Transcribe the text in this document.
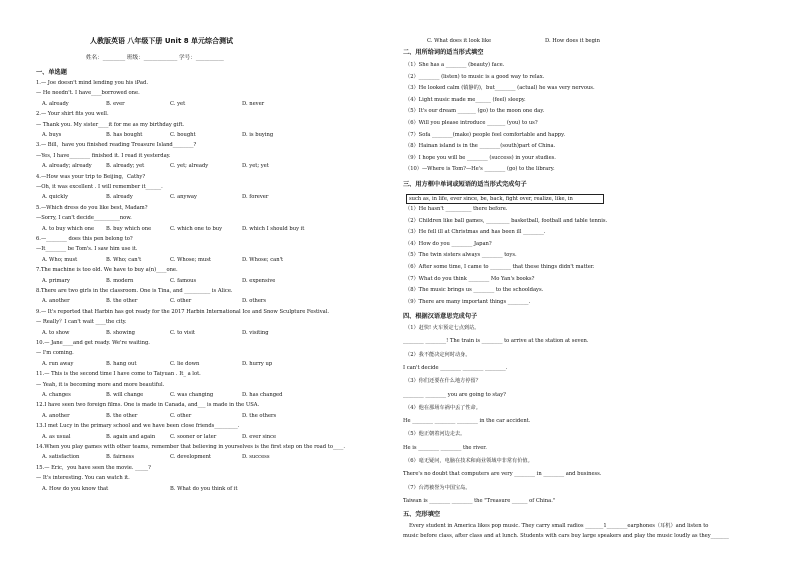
人教版英语 八年级下册 Unit 8 单元综合测试
姓名：________ 班级：____________ 学号：__________
一、单选题
1.— Joe doesn't mind lending you his iPad.
— He needn't. I have____borrowed one.
A. already	B. ever	C. yet	D. never
2.— Your shirt fits you well.
— Thank you. My sister____it for me as my birthday gift.
A. buys	B. has bought	C. bought	D. is buying
3.— Bill，have you finished reading Treasure Island________?
—Yes, I have________ finished it. I read it yesterday.
A. already; already	B. already; yet	C. yet; already	D. yet; yet
4.—How was your trip to Beijing，Cathy?
—Oh, it was excellent . I will remember it______.
A. quickly	B. already	C. anyway	D. forever
5.—Which dress do you like best, Madam?
—Sorry, I can't decide__________now.
A. to buy which one B. buy which one	C. which one to buy	D. which I should buy it
6.—________ does this pen belong to?
—It________ be Tom's. I saw him use it.
A. Who; must	B. Who; can't	C. Whose; must	D. Whose; can't
7.The machine is too old. We have to buy a(n)____one.
A. primary	B. modern	C. famous	D. expensive
8.There are two girls in the classroom. One is Tina, and __________ is Alice.
A. another	B. the other	C. other	D. others
9.— It's reported that Harbin has got ready for the 2017 Harbin International Ice and Snow Sculpture Festival.
— Really？I can't wait ____the city.
A. to show	B. showing	C. to visit	D. visiting
10.— Jane____and get ready. We're waiting.
— I'm coming.
A. run away	B. hang out	C. lie down	D. hurry up
11.— This is the second time I have come to Taiyuan . It_ a lot.
— Yeah, it is becoming more and more beautiful.
A. changes	B. will change	C. was changing	D. has changed
12.I have seen two foreign films. One is made in Canada, and___ is made in the USA.
A. another	B. the other	C. other	D. the others
13.I met Lucy in the primary school and we have been close friends_________.
A. as usual	B. again and again	C. sooner or later	D. ever since
14.When you play games with other teams, remember that believing in yourselves is the first step on the road to____.
A. satisfaction	B. fairness	C. development	D. success
15.— Eric，you have seen the movie. _____?
— It's interesting. You can watch it.
A. How do you know that	B. What do you think of it
C. What does it look like	D. How does it begin
二、用所给词的适当形式填空
（1）She has a ________ (beauty) face.
（2）________ (listen) to music is a good way to relax.
（3）He looked calm (镇静的)，but________ (actual) he was very nervous.
（4）Light music made me______ (feel) sleepy.
（5）It's our dream _______ (go) to the moon one day.
（6）Will you please introduce _______ (you) to us?
（7）Sofa ________(make) people feel comfortable and happy.
（8）Hainan island is in the ________(south)part of China.
（9）I hope you will be ________ (success) in your studies.
（10）—Where is Tom?—He's ________ (go) to the library.
三、用方框中单词或短语的适当形式完成句子
such as, in life, ever since, be, back, fight over, realize, like, in
（1）He hasn't __________ there before.
（2）Children like ball games, _________ basketball, football and table tennis.
（3）He fell ill at Christmas and has been ill ________.
（4）How do you ________ Japan?
（5）The twin sisters always ________ toys.
（6）After some time, I came to ________ that these things didn't matter.
（7）What do you think ________ Mo Yan's books?
（8）The music brings us ________ to the schooldays.
（9）There are many important things ________.
四、根据汉语意思完成句子
（1）赶快! 火车预定七点到站。
________ ________! The train is ________ to arrive at the station at seven.
（2）我不能决定何时动身。
I can't decide ________ ________ ________.
（3）你们还要在什么地方停留？
________ ________ you are going to stay?
（4）他在那场车祸中丢了性命。
He ________ ________ ________ in the car accident.
（5）他正朝着河边走去。
He is ________ ________ the river.
（6）毫无疑问，电脑在技术和商业领域中非常有价值。
There's no doubt that computers are very ________ in ________ and business.
（7）台湾被誉为中国宝岛。
Taiwan is ________ ________ the "Treasure ______ of China."
五、完形填空
Every student in America likes pop music. They carry small radios _______1________earphones（耳机）and listen to
music before class, after class and at lunch. Students with cars buy large speakers and play the music loudly as they_______
